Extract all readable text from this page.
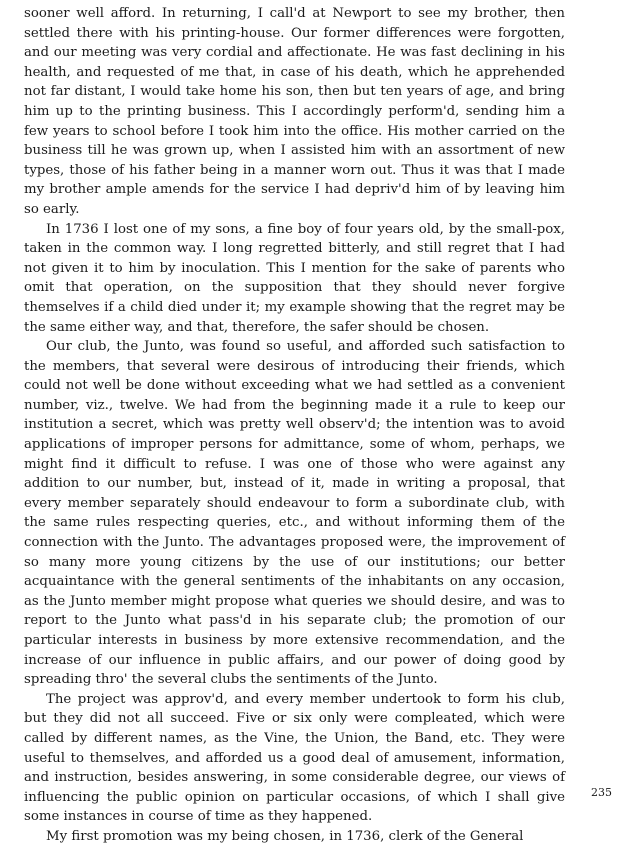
sooner well afford. In returning, I call'd at Newport to see my brother, then settled there with his printing-house. Our former differences were forgotten, and our meeting was very cordial and affectionate. He was fast declining in his health, and requested of me that, in case of his death, which he apprehended not far distant, I would take home his son, then but ten years of age, and bring him up to the printing business. This I accordingly perform'd, sending him a few years to school before I took him into the office. His mother carried on the business till he was grown up, when I assisted him with an assortment of new types, those of his father being in a manner worn out. Thus it was that I made my brother ample amends for the service I had depriv'd him of by leaving him so early.

In 1736 I lost one of my sons, a fine boy of four years old, by the small-pox, taken in the common way. I long regretted bitterly, and still regret that I had not given it to him by inoculation. This I mention for the sake of parents who omit that operation, on the supposition that they should never forgive themselves if a child died under it; my example showing that the regret may be the same either way, and that, therefore, the safer should be chosen.

Our club, the Junto, was found so useful, and afforded such satisfaction to the members, that several were desirous of introducing their friends, which could not well be done without exceeding what we had settled as a convenient number, viz., twelve. We had from the beginning made it a rule to keep our institution a secret, which was pretty well observ'd; the intention was to avoid applications of improper persons for admittance, some of whom, perhaps, we might find it difficult to refuse. I was one of those who were against any addition to our number, but, instead of it, made in writing a proposal, that every member separately should endeavour to form a subordinate club, with the same rules respecting queries, etc., and without informing them of the connection with the Junto. The advantages proposed were, the improvement of so many more young citizens by the use of our institutions; our better acquaintance with the general sentiments of the inhabitants on any occasion, as the Junto member might propose what queries we should desire, and was to report to the Junto what pass'd in his separate club; the promotion of our particular interests in business by more extensive recommendation, and the increase of our influence in public affairs, and our power of doing good by spreading thro' the several clubs the sentiments of the Junto.

The project was approv'd, and every member undertook to form his club, but they did not all succeed. Five or six only were compleated, which were called by different names, as the Vine, the Union, the Band, etc. They were useful to themselves, and afforded us a good deal of amusement, information, and instruction, besides answering, in some considerable degree, our views of influencing the public opinion on particular occasions, of which I shall give some instances in course of time as they happened.

My first promotion was my being chosen, in 1736, clerk of the General

235
